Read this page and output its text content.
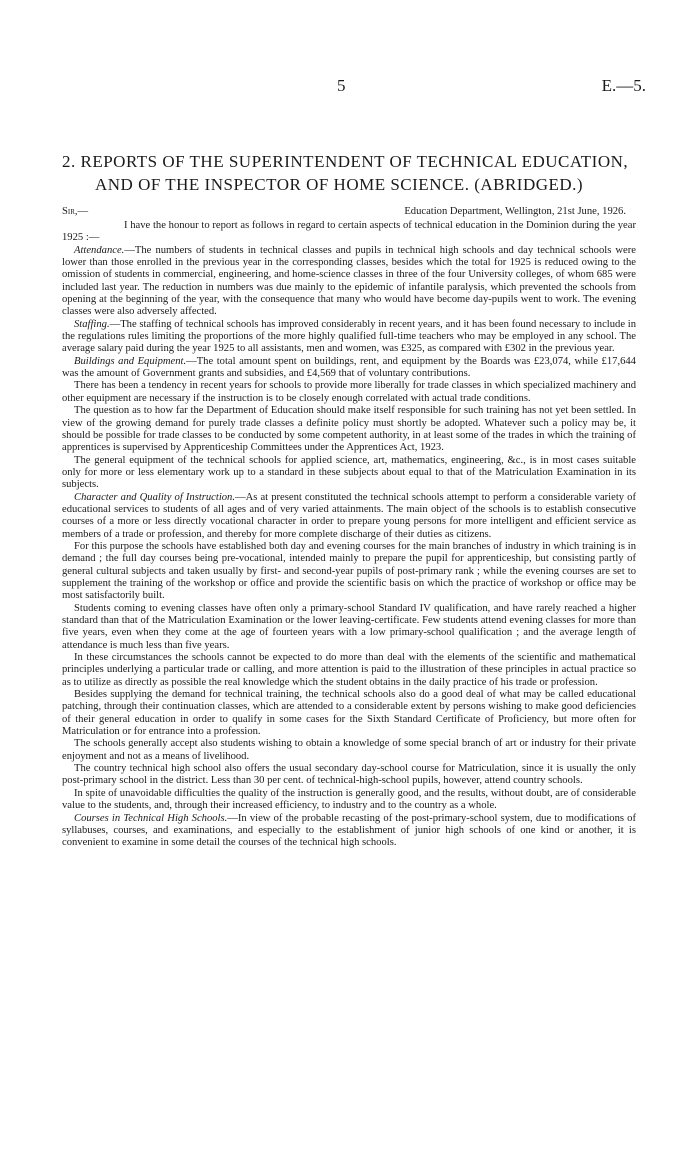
5	E.—5.
2. REPORTS OF THE SUPERINTENDENT OF TECHNICAL EDUCATION,
AND OF THE INSPECTOR OF HOME SCIENCE. (ABRIDGED.)
Sir,—	Education Department, Wellington, 21st June, 1926.

I have the honour to report as follows in regard to certain aspects of technical education in the Dominion during the year 1925 :—

Attendance.—The numbers of students in technical classes and pupils in technical high schools and day technical schools were lower than those enrolled in the previous year in the corresponding classes, besides which the total for 1925 is reduced owing to the omission of students in commercial, engineering, and home-science classes in three of the four University colleges, of whom 685 were included last year. The reduction in numbers was due mainly to the epidemic of infantile paralysis, which prevented the schools from opening at the beginning of the year, with the consequence that many who would have become day-pupils went to work. The evening classes were also adversely affected.

Staffing.—The staffing of technical schools has improved considerably in recent years, and it has been found necessary to include in the regulations rules limiting the proportions of the more highly qualified full-time teachers who may be employed in any school. The average salary paid during the year 1925 to all assistants, men and women, was £325, as compared with £302 in the previous year.

Buildings and Equipment.—The total amount spent on buildings, rent, and equipment by the Boards was £23,074, while £17,644 was the amount of Government grants and subsidies, and £4,569 that of voluntary contributions.

There has been a tendency in recent years for schools to provide more liberally for trade classes in which specialized machinery and other equipment are necessary if the instruction is to be closely enough correlated with actual trade conditions.

The question as to how far the Department of Education should make itself responsible for such training has not yet been settled. In view of the growing demand for purely trade classes a definite policy must shortly be adopted. Whatever such a policy may be, it should be possible for trade classes to be conducted by some competent authority, in at least some of the trades in which the training of apprentices is supervised by Apprenticeship Committees under the Apprentices Act, 1923.

The general equipment of the technical schools for applied science, art, mathematics, engineering, &c., is in most cases suitable only for more or less elementary work up to a standard in these subjects about equal to that of the Matriculation Examination in its subjects.

Character and Quality of Instruction.—As at present constituted the technical schools attempt to perform a considerable variety of educational services to students of all ages and of very varied attainments. The main object of the schools is to establish consecutive courses of a more or less directly vocational character in order to prepare young persons for more intelligent and efficient service as members of a trade or profession, and thereby for more complete discharge of their duties as citizens.

For this purpose the schools have established both day and evening courses for the main branches of industry in which training is in demand ; the full day courses being pre-vocational, intended mainly to prepare the pupil for apprenticeship, but consisting partly of general cultural subjects and taken usually by first- and second-year pupils of post-primary rank ; while the evening courses are set to supplement the training of the workshop or office and provide the scientific basis on which the practice of workshop or office may be most satisfactorily built.

Students coming to evening classes have often only a primary-school Standard IV qualification, and have rarely reached a higher standard than that of the Matriculation Examination or the lower leaving-certificate. Few students attend evening classes for more than five years, even when they come at the age of fourteen years with a low primary-school qualification ; and the average length of attendance is much less than five years.

In these circumstances the schools cannot be expected to do more than deal with the elements of the scientific and mathematical principles underlying a particular trade or calling, and more attention is paid to the illustration of these principles in actual practice so as to utilize as directly as possible the real knowledge which the student obtains in the daily practice of his trade or profession.

Besides supplying the demand for technical training, the technical schools also do a good deal of what may be called educational patching, through their continuation classes, which are attended to a considerable extent by persons wishing to make good deficiencies of their general education in order to qualify in some cases for the Sixth Standard Certificate of Proficiency, but more often for Matriculation or for entrance into a profession.

The schools generally accept also students wishing to obtain a knowledge of some special branch of art or industry for their private enjoyment and not as a means of livelihood.

The country technical high school also offers the usual secondary day-school course for Matriculation, since it is usually the only post-primary school in the district. Less than 30 per cent. of technical-high-school pupils, however, attend country schools.

In spite of unavoidable difficulties the quality of the instruction is generally good, and the results, without doubt, are of considerable value to the students, and, through their increased efficiency, to industry and to the country as a whole.

Courses in Technical High Schools.—In view of the probable recasting of the post-primary-school system, due to modifications of syllabuses, courses, and examinations, and especially to the establishment of junior high schools of one kind or another, it is convenient to examine in some detail the courses of the technical high schools.
